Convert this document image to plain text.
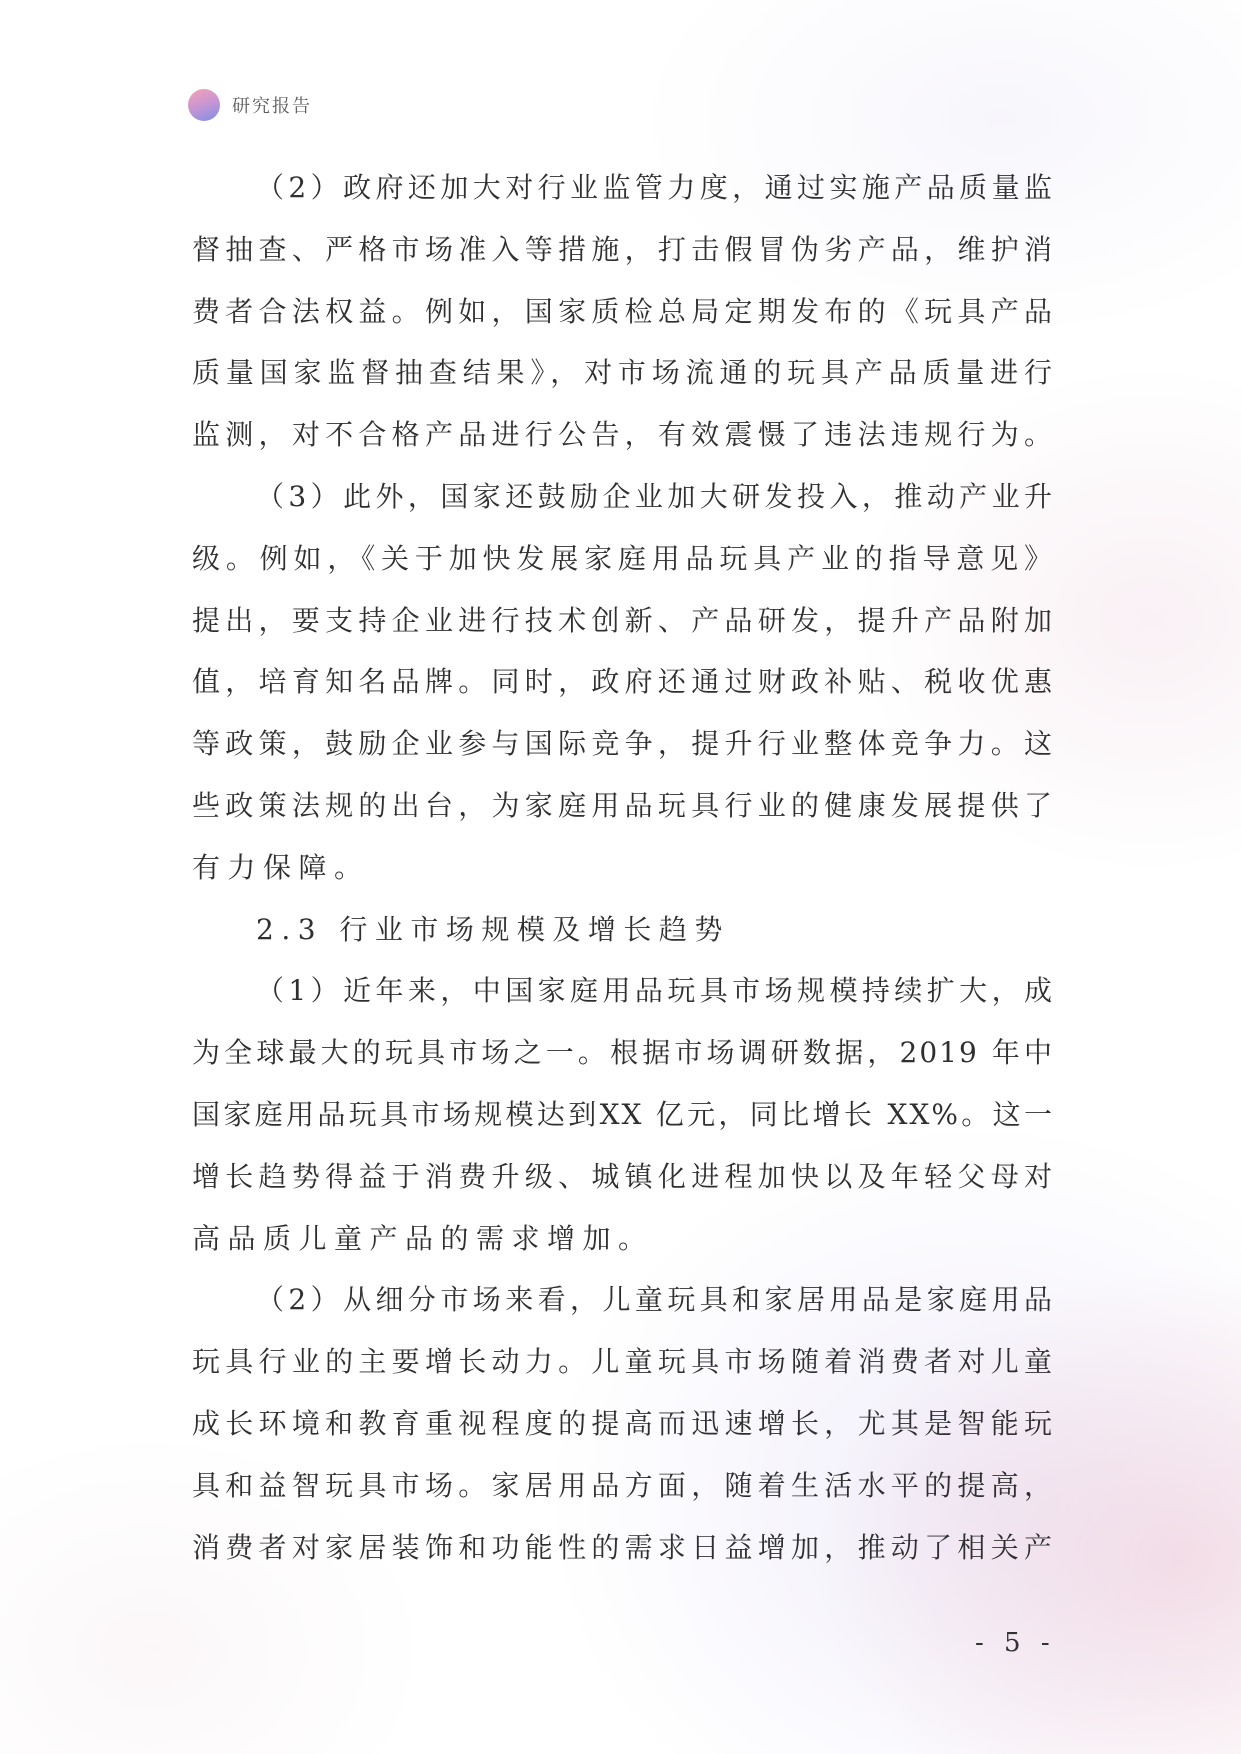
研究报告
（2）政府还加大对行业监管力度，通过实施产品质量监
督抽查、严格市场准入等措施，打击假冒伪劣产品，维护消
费者合法权益。例如，国家质检总局定期发布的《玩具产品
质量国家监督抽查结果》，对市场流通的玩具产品质量进行
监测，对不合格产品进行公告，有效震慑了违法违规行为。
（3）此外，国家还鼓励企业加大研发投入，推动产业升
级。例如，《关于加快发展家庭用品玩具产业的指导意见》
提出，要支持企业进行技术创新、产品研发，提升产品附加
值，培育知名品牌。同时，政府还通过财政补贴、税收优惠
等政策，鼓励企业参与国际竞争，提升行业整体竞争力。这
些政策法规的出台，为家庭用品玩具行业的健康发展提供了
有力保障。
2.3 行业市场规模及增长趋势
（1）近年来，中国家庭用品玩具市场规模持续扩大，成
为全球最大的玩具市场之一。根据市场调研数据，2019 年中
国家庭用品玩具市场规模达到XX 亿元，同比增长 XX%。这一
增长趋势得益于消费升级、城镇化进程加快以及年轻父母对
高品质儿童产品的需求增加。
（2）从细分市场来看，儿童玩具和家居用品是家庭用品
玩具行业的主要增长动力。儿童玩具市场随着消费者对儿童
成长环境和教育重视程度的提高而迅速增长，尤其是智能玩
具和益智玩具市场。家居用品方面，随着生活水平的提高，
消费者对家居装饰和功能性的需求日益增加，推动了相关产
- 5 -
